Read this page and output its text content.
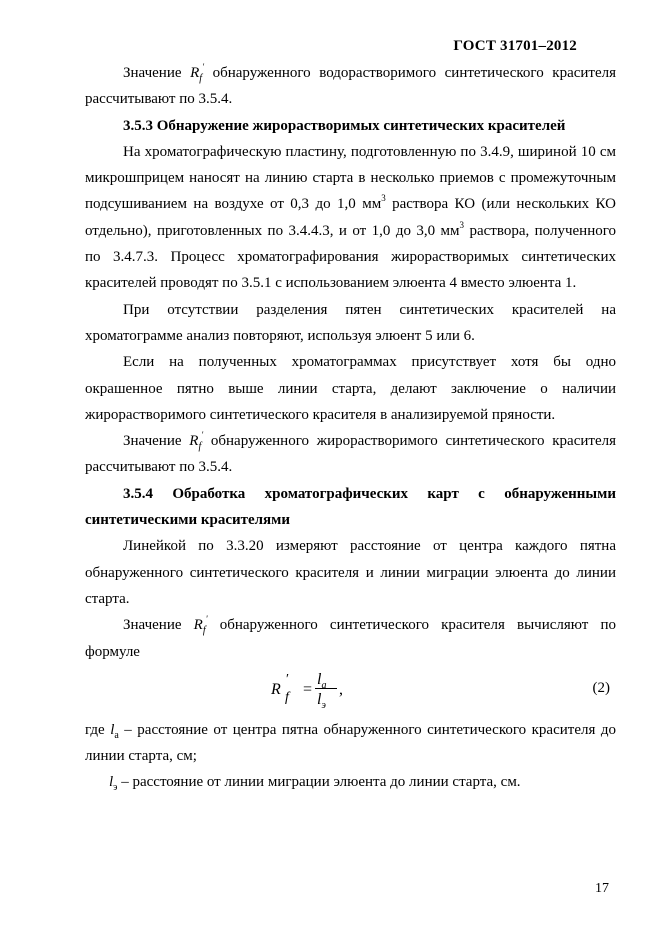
ГОСТ 31701–2012

Значение $R_f'$ обнаруженного водорастворимого синтетического красителя рассчитывают по 3.5.4.

3.5.3 Обнаружение жирорастворимых синтетических красителей

На хроматографическую пластину, подготовленную по 3.4.9, шириной 10 см микрошприцем наносят на линию старта в несколько приемов с промежуточным подсушиванием на воздухе от 0,3 до 1,0 $мм^3$ раствора КО (или нескольких КО отдельно), приготовленных по 3.4.4.3, и от 1,0 до 3,0 $мм^3$ раствора, полученного по 3.4.7.3. Процесс хроматографирования жирорастворимых синтетических красителей проводят по 3.5.1 с использованием элюента 4 вместо элюента 1.

При отсутствии разделения пятен синтетических красителей на хроматограмме анализ повторяют, используя элюент 5 или 6.

Если на полученных хроматограммах присутствует хотя бы одно окрашенное пятно выше линии старта, делают заключение о наличии жирорастворимого синтетического красителя в анализируемой пряности.

Значение $R_f'$ обнаруженного жирорастворимого синтетического красителя рассчитывают по 3.5.4.

3.5.4 Обработка хроматографических карт с обнаруженными синтетическими красителями

Линейкой по 3.3.20 измеряют расстояние от центра каждого пятна обнаруженного синтетического красителя и линии миграции элюента до линии старта.

Значение $R_f'$ обнаруженного синтетического красителя вычисляют по формуле

R
′
f =
$l_a$
$l_э$
,	(2)

где $l_а$ – расстояние от центра пятна обнаруженного синтетического красителя до линии старта, см;

$l_э$ – расстояние от линии миграции элюента до линии старта, см.

17
